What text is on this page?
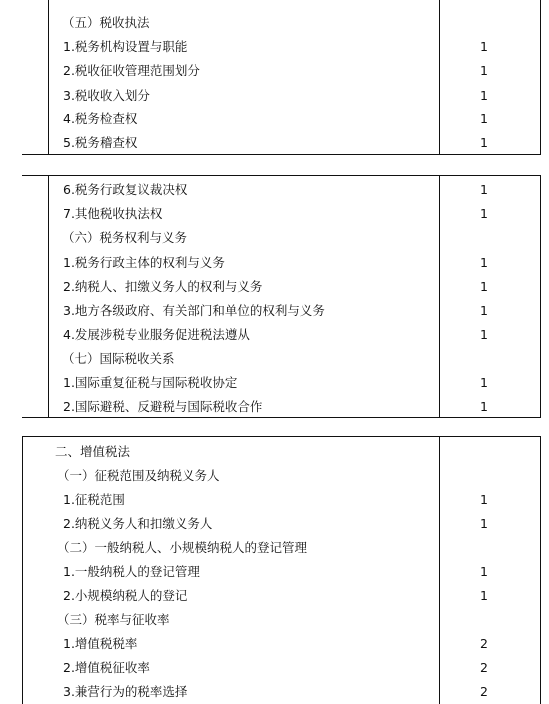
（五）税收执法
1.税务机构设置与职能	1
2.税收征收管理范围划分	1
3.税收收入划分	1
4.税务检查权	1
5.税务稽查权	1
6.税务行政复议裁决权	1
7.其他税收执法权	1
（六）税务权利与义务
1.税务行政主体的权利与义务	1
2.纳税人、扣缴义务人的权利与义务	1
3.地方各级政府、有关部门和单位的权利与义务	1
4.发展涉税专业服务促进税法遵从	1
（七）国际税收关系
1.国际重复征税与国际税收协定	1
2.国际避税、反避税与国际税收合作	1
二、增值税法
（一）征税范围及纳税义务人
1.征税范围	1
2.纳税义务人和扣缴义务人	1
（二）一般纳税人、小规模纳税人的登记管理
1.一般纳税人的登记管理	1
2.小规模纳税人的登记	1
（三）税率与征收率
1.增值税税率	2
2.增值税征收率	2
3.兼营行为的税率选择	2
